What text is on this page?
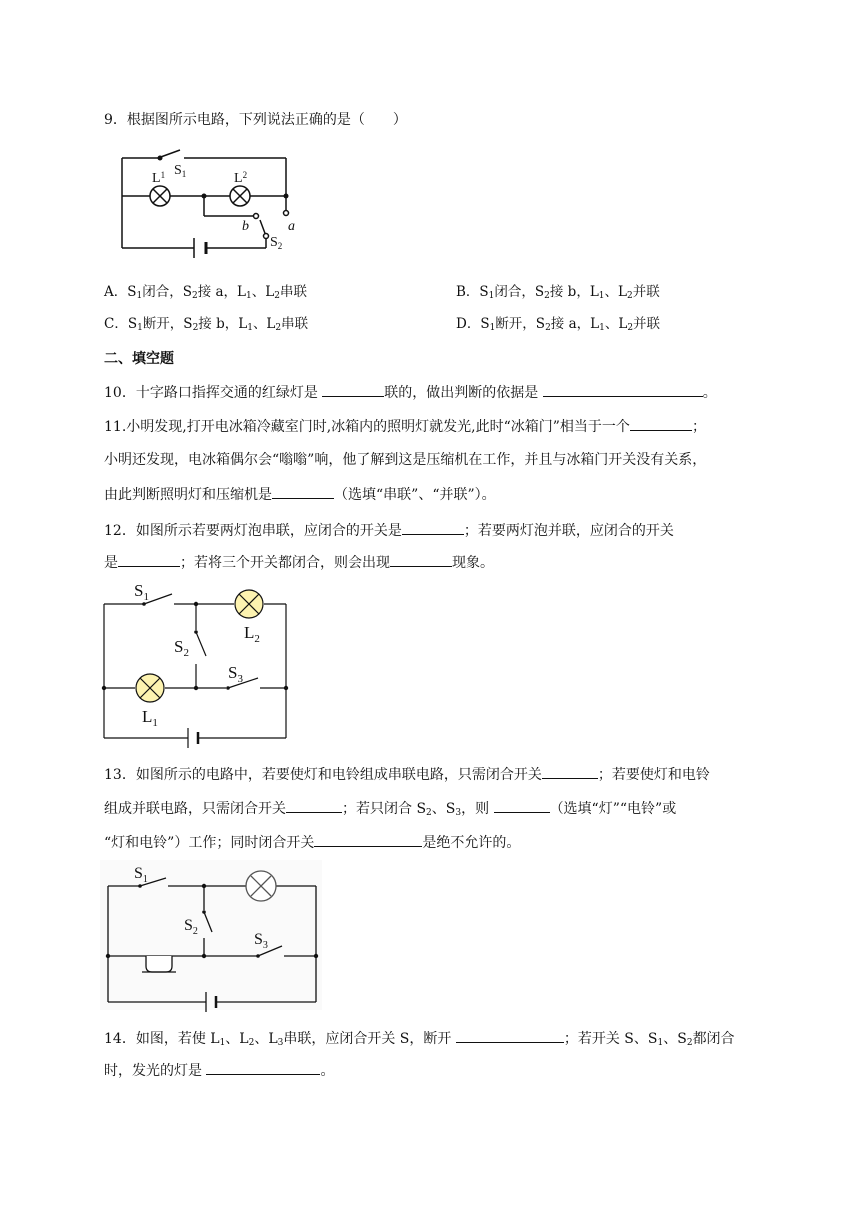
9．根据图所示电路，下列说法正确的是（　　）
$S_1$
$L^1$	$L^2$
a
b
$S_2$
A．$S_1$闭合，$S_2$接 a，$L_1$、$L_2$串联	B．$S_1$闭合，$S_2$接 b，$L_1$、$L_2$并联
C．$S_1$断开，$S_2$接 b，$L_1$、$L_2$串联	D．$S_1$断开，$S_2$接 a，$L_1$、$L_2$并联
二、填空题
10．十字路口指挥交通的红绿灯是	联的，做出判断的依据是	。
11.小明发现,打开电冰箱冷藏室门时,冰箱内的照明灯就发光,此时“冰箱门”相当于一个	；
小明还发现，电冰箱偶尔会“嗡嗡”响，他了解到这是压缩机在工作，并且与冰箱门开关没有关系，
由此判断照明灯和压缩机是	（选填“串联”、“并联”）。
12．如图所示若要两灯泡串联，应闭合的开关是	；若要两灯泡并联，应闭合的开关
是	；若将三个开关都闭合，则会出现	现象。
$S_1$
$S_2$
$S_3$
$L_2$
$L_1$
13．如图所示的电路中，若要使灯和电铃组成串联电路，只需闭合开关	；若要使灯和电铃
组成并联电路，只需闭合开关	；若只闭合 $S_2$、$S_3$，则	（选填“灯”“电铃”或
“灯和电铃”）工作；同时闭合开关	是绝不允许的。
$S_1$
$S_2$	$S_3$
14．如图，若使 $L_1$、$L_2$、$L_3$串联，应闭合开关 S，断开	；若开关 S、$S_1$、$S_2$都闭合
时，发光的灯是	。
